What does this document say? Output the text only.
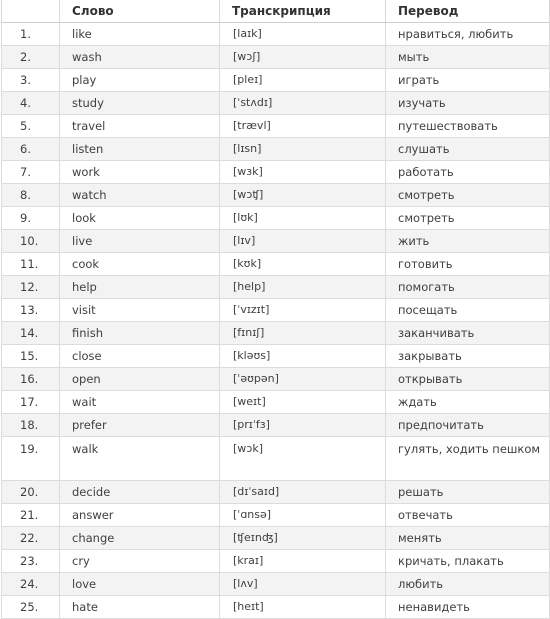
	Слово	Транскрипция	Перевод
1.	like	[laɪk]	нравиться, любить
2.	wash	[wɔʃ]	мыть
3.	play	[pleɪ]	играть
4.	study	[ˈstʌdɪ]	изучать
5.	travel	[trævl]	путешествовать
6.	listen	[lɪsn]	слушать
7.	work	[wɜk]	работать
8.	watch	[wɔʧ]	смотреть
9.	look	[lʊk]	смотреть
10.	live	[lɪv]	жить
11.	cook	[kʊk]	готовить
12.	help	[help]	помогать
13.	visit	[ˈvɪzɪt]	посещать
14.	finish	[fɪnɪʃ]	заканчивать
15.	close	[kləʊs]	закрывать
16.	open	[ˈəʊpən]	открывать
17.	wait	[weɪt]	ждать
18.	prefer	[prɪˈfɜ]	предпочитать
19.	walk	[wɔk]	гулять, ходить пешком
20.	decide	[dɪˈsaɪd]	решать
21.	answer	[ˈɑnsə]	отвечать
22.	change	[ʧeɪnʤ]	менять
23.	cry	[kraɪ]	кричать, плакать
24.	love	[lʌv]	любить
25.	hate	[heɪt]	ненавидеть
